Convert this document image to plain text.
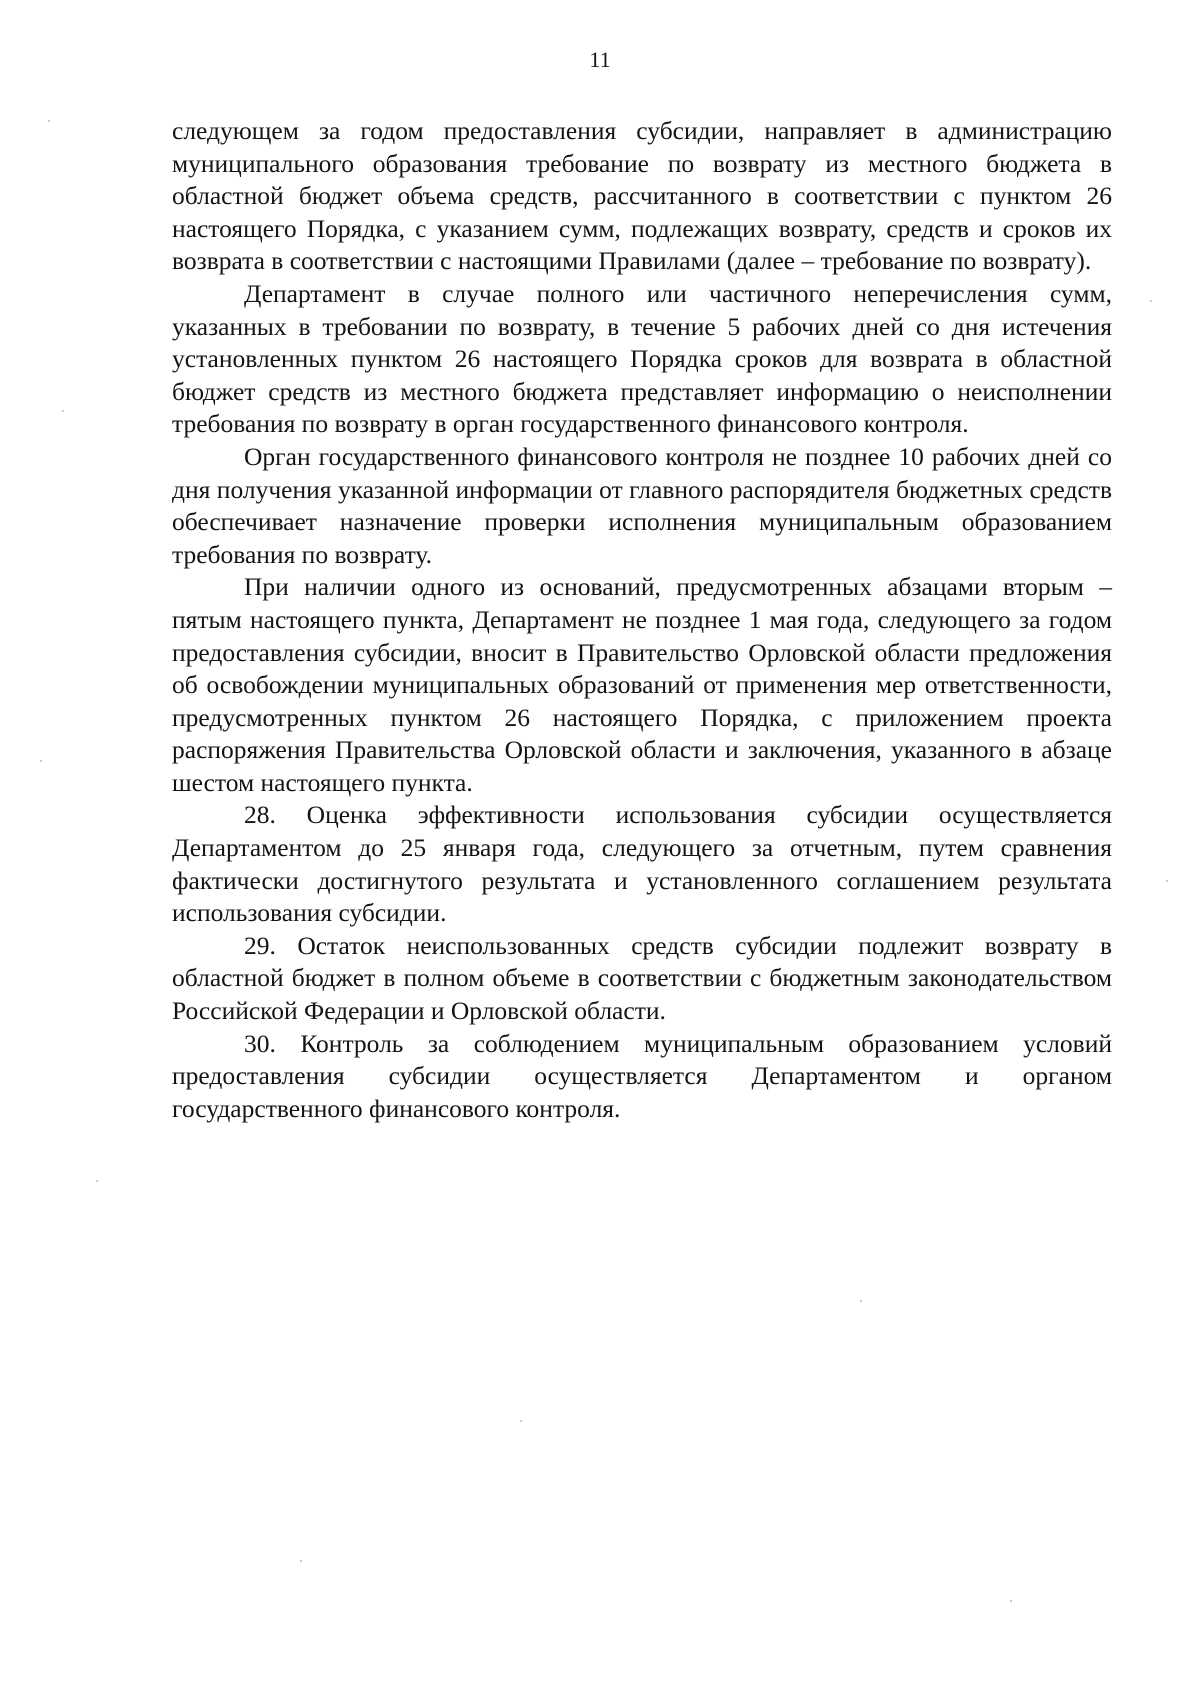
11

следующем за годом предоставления субсидии, направляет в администрацию муниципального образования требование по возврату из местного бюджета в областной бюджет объема средств, рассчитанного в соответствии с пунктом 26 настоящего Порядка, с указанием сумм, подлежащих возврату, средств и сроков их возврата в соответствии с настоящими Правилами (далее – требование по возврату).

Департамент в случае полного или частичного неперечисления сумм, указанных в требовании по возврату, в течение 5 рабочих дней со дня истечения установленных пунктом 26 настоящего Порядка сроков для возврата в областной бюджет средств из местного бюджета представляет информацию о неисполнении требования по возврату в орган государственного финансового контроля.

Орган государственного финансового контроля не позднее 10 рабочих дней со дня получения указанной информации от главного распорядителя бюджетных средств обеспечивает назначение проверки исполнения муниципальным образованием требования по возврату.

При наличии одного из оснований, предусмотренных абзацами вторым – пятым настоящего пункта, Департамент не позднее 1 мая года, следующего за годом предоставления субсидии, вносит в Правительство Орловской области предложения об освобождении муниципальных образований от применения мер ответственности, предусмотренных пунктом 26 настоящего Порядка, с приложением проекта распоряжения Правительства Орловской области и заключения, указанного в абзаце шестом настоящего пункта.

28. Оценка эффективности использования субсидии осуществляется Департаментом до 25 января года, следующего за отчетным, путем сравнения фактически достигнутого результата и установленного соглашением результата использования субсидии.

29. Остаток неиспользованных средств субсидии подлежит возврату в областной бюджет в полном объеме в соответствии с бюджетным законодательством Российской Федерации и Орловской области.

30. Контроль за соблюдением муниципальным образованием условий предоставления субсидии осуществляется Департаментом и органом государственного финансового контроля.
